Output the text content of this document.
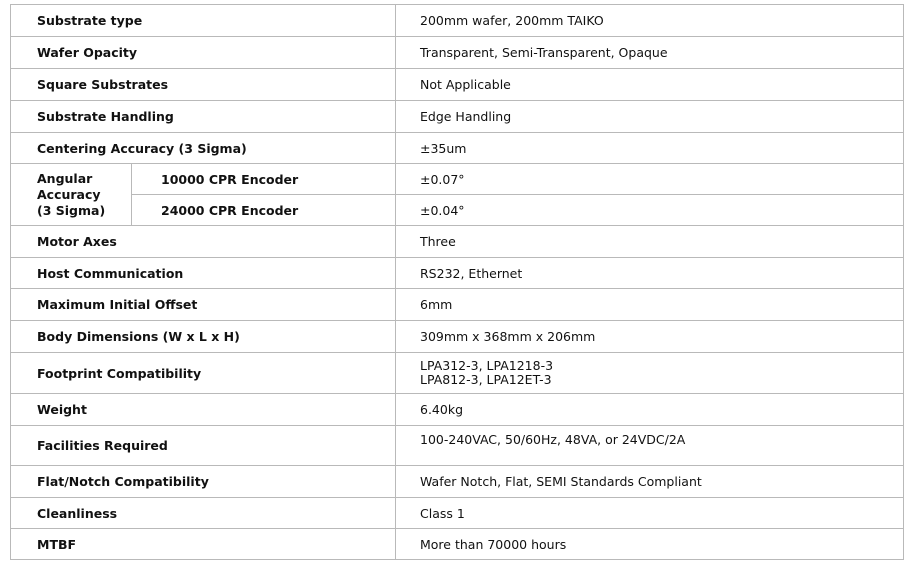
Substrate type		200mm wafer, 200mm TAIKO
Wafer Opacity		Transparent, Semi-Transparent, Opaque
Square Substrates		Not Applicable
Substrate Handling		Edge Handling
Centering Accuracy (3 Sigma)		±35um

Angular
Accuracy
(3 Sigma)	10000 CPR Encoder	±0.07°
	24000 CPR Encoder	±0.04°
Motor Axes		Three
Host Communication		RS232, Ethernet
Maximum Initial Offset		6mm
Body Dimensions (W x L x H)		309mm x 368mm x 206mm
Footprint Compatibility		LPA312-3, LPA1218-3
LPA812-3, LPA12ET-3

Weight		6.40kg
Facilities Required		100-240VAC, 50/60Hz, 48VA, or 24VDC/2A
Flat/Notch Compatibility		Wafer Notch, Flat, SEMI Standards Compliant
Cleanliness		Class 1
MTBF		More than 70000 hours
